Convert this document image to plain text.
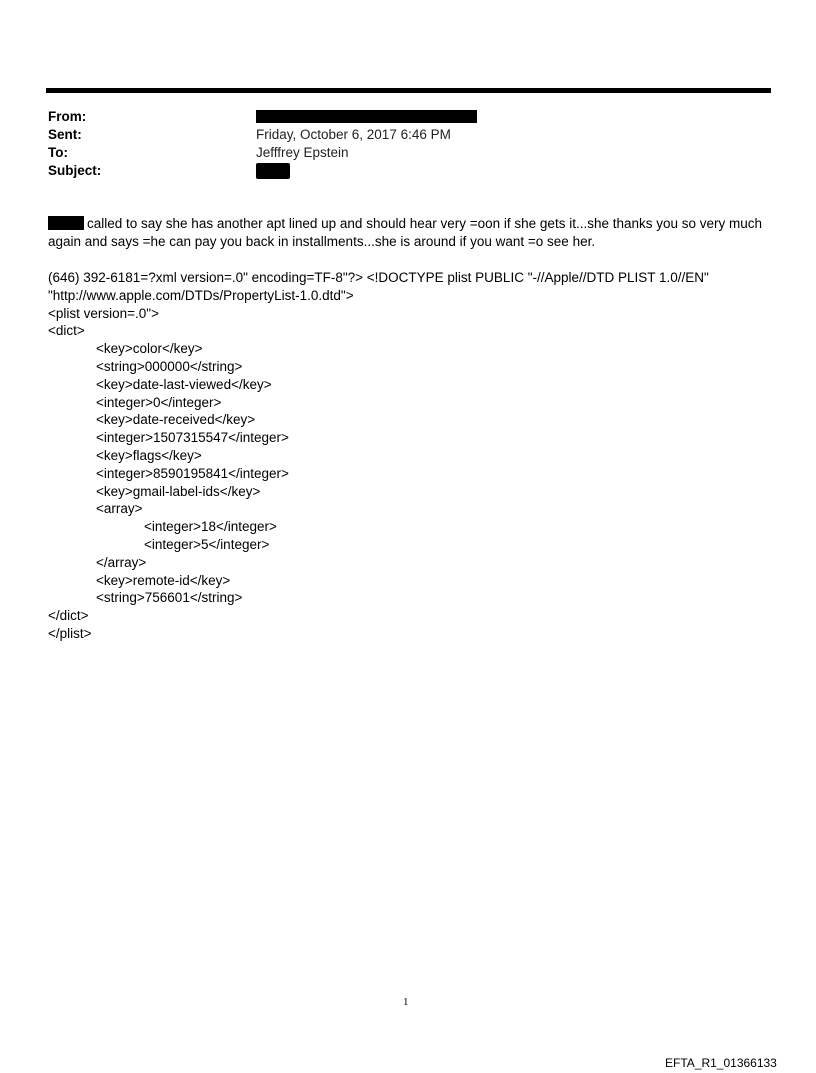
From:
Sent:	Friday, October 6, 2017 6:46 PM
To:	Jefffrey Epstein
Subject:

called to say she has another apt lined up and should hear very =oon if she gets it...she thanks you so very much

again and says =he can pay you back in installments...she is around if you want =o see her.

(646) 392-6181=?xml version=.0" encoding=TF-8"?> <!DOCTYPE plist PUBLIC "-//Apple//DTD PLIST 1.0//EN"

"http://www.apple.com/DTDs/PropertyList-1.0.dtd">

<plist version=.0">

<dict>

<key>color</key>

<string>000000</string>

<key>date-last-viewed</key>

<integer>0</integer>

<key>date-received</key>

<integer>1507315547</integer>

<key>flags</key>

<integer>8590195841</integer>

<key>gmail-label-ids</key>

<array>

<integer>18</integer>

<integer>5</integer>

</array>

<key>remote-id</key>

<string>756601</string>

</dict>

</plist>

1
EFTA_R1_01366133
